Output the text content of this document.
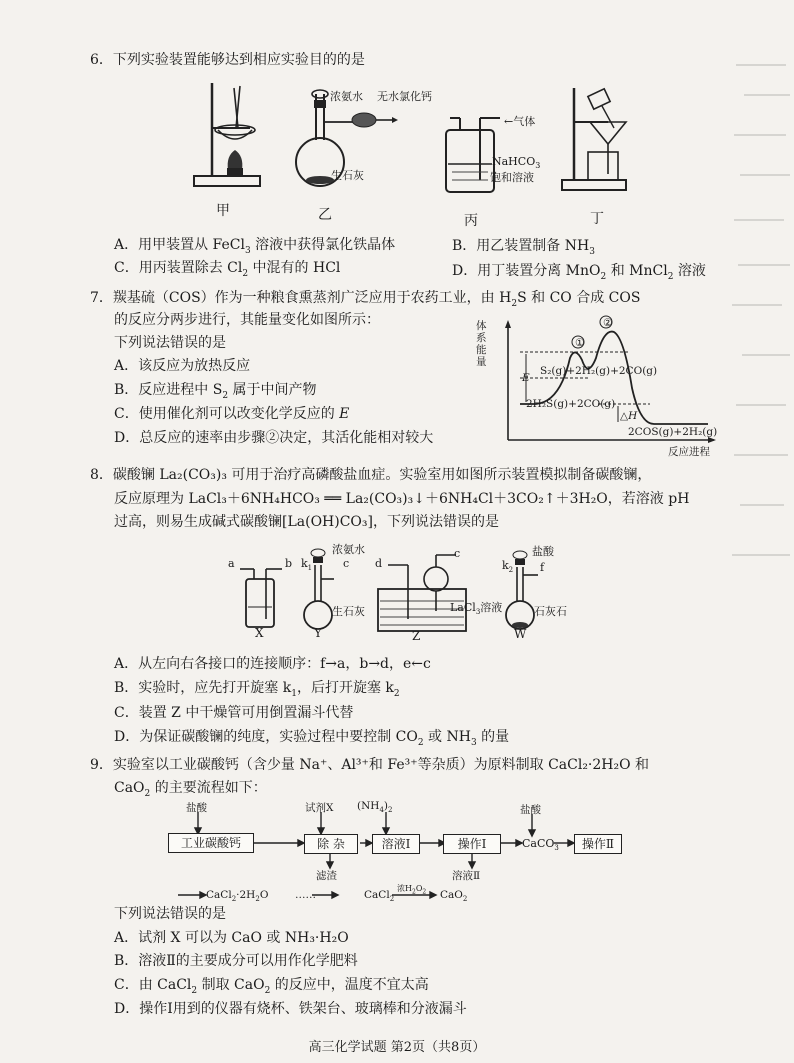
6．下列实验装置能够达到相应实验目的的是
甲
浓氨水 无水氯化钙
生石灰
乙
←气体
NaHCO$_3$
饱和溶液
丙	丁
A．用甲装置从 FeCl$_3$ 溶液中获得氯化铁晶体	B．用乙装置制备 $NH_3$
C．用丙装置除去 $Cl_2$ 中混有的 HCl	D．用丁装置分离 MnO$_2$ 和 MnCl$_2$ 溶液
7．羰基硫（COS）作为一种粮食熏蒸剂广泛应用于农药工业，由 $H_2S$ 和 CO 合成 COS
的反应分两步进行，其能量变化如图所示：
下列说法错误的是
A．该反应为放热反应
B．反应进程中 $S_2$ 属于中间产物
C．使用催化剂可以改变化学反应的 E
D．总反应的速率由步骤②决定，其活化能相对较大
体系能量
①
②
E
S₂(g)+2H₂(g)+2CO(g)
2H₂S(g)+2CO(g)
△H
2COS(g)+2H₂(g)
反应进程
8．碳酸镧 La₂(CO₃)₃ 可用于治疗高磷酸盐血症。实验室用如图所示装置模拟制备碳酸镧，
反应原理为 LaCl₃＋6NH₄HCO₃ ══ La₂(CO₃)₃↓＋6NH₄Cl＋3CO₂↑＋3H₂O，若溶液 pH
过高，则易生成碱式碳酸镧[La(OH)CO₃]，下列说法错误的是
a	b $k_1$	c
浓氨水
生石灰
d
c
LaCl$_3$溶液
$k_2$ f
盐酸
石灰石
X	Y	Z	W
A．从左向右各接口的连接顺序：f→a，b→d，e←c
B．实验时，应先打开旋塞 $k_1$，后打开旋塞 $k_2$
C．装置 Z 中干燥管可用倒置漏斗代替
D．为保证碳酸镧的纯度，实验过程中要控制 $CO_2$ 或 $NH_3$ 的量
9．实验室以工业碳酸钙（含少量 Na⁺、Al³⁺和 Fe³⁺等杂质）为原料制取 CaCl₂·2H₂O 和
CaO$_2$ 的主要流程如下：
盐酸	试剂X $(NH_4)_2$	盐酸
工业碳酸钙	除 杂	溶液Ⅰ	操作Ⅰ	CaCO$_3$	操作Ⅱ
滤渣	溶液Ⅱ
$CaCl_2\cdot 2H_2O$	……	CaCl$_2$
浓$H_2O_2$ CaO$_2$
下列说法错误的是
A．试剂 X 可以为 CaO 或 NH₃·H₂O
B．溶液Ⅱ的主要成分可以用作化学肥料
C．由 CaCl$_2$ 制取 CaO$_2$ 的反应中，温度不宜太高
D．操作Ⅰ用到的仪器有烧杯、铁架台、玻璃棒和分液漏斗
高三化学试题 第2页（共8页）
